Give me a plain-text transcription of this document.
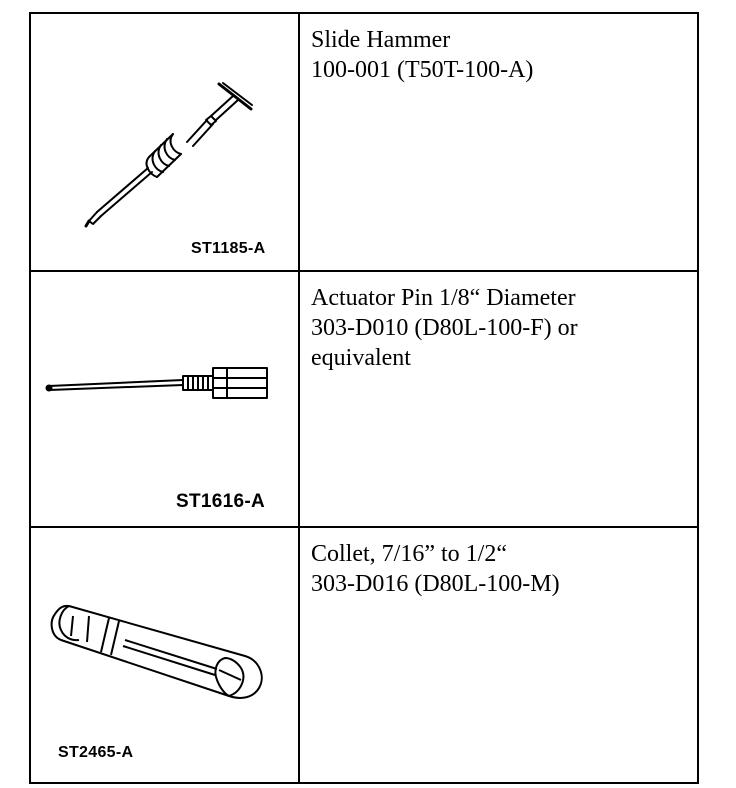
ST1185-A	Slide Hammer
100-001 (T50T-100-A)

ST1616-A	Actuator Pin 1/8“ Diameter
303-D010 (D80L-100-F) or
equivalent

ST2465-A	Collet, 7/16” to 1/2“
303-D016 (D80L-100-M)
